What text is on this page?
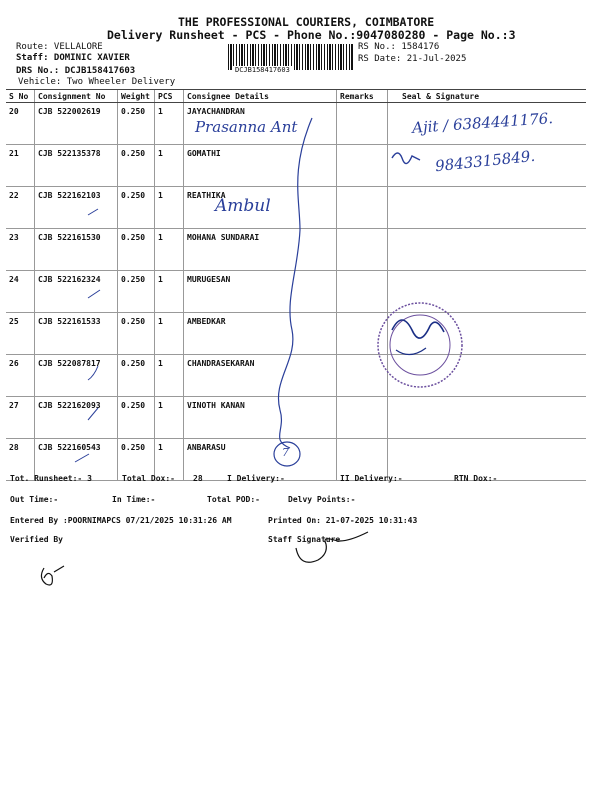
THE PROFESSIONAL COURIERS, COIMBATORE
Delivery Runsheet - PCS - Phone No.:9047080280 - Page No.:3
Route: VELLALORE
Staff: DOMINIC XAVIER
DRS No.: DCJB158417603
Vehicle: Two Wheeler Delivery
RS No.: 1584176
RS Date: 21-Jul-2025
DCJB158417603
S No	Consignment No	Weight	PCS	Consignee Details	Remarks	Seal & Signature
20	CJB 522002619	0.250	1	JAYACHANDRAN		
21	CJB 522135378	0.250	1	GOMATHI		
22	CJB 522162103	0.250	1	REATHIKA		
23	CJB 522161530	0.250	1	MOHANA SUNDARAI		
24	CJB 522162324	0.250	1	MURUGESAN		
25	CJB 522161533	0.250	1	AMBEDKAR		
26	CJB 522087817	0.250	1	CHANDRASEKARAN		
27	CJB 522162093	0.250	1	VINOTH KANAN		
28	CJB 522160543	0.250	1	ANBARASU		
Prasanna Ant	Ajit / 6384441176.
9843315849.
Ambul
7
Tot. Runsheet:- 3	Total Dox:- 28	I Delivery:-	II Delivery:-	RTN Dox:-
Out Time:-	In Time:-	Total POD:-	Delvy Points:-
Entered By :POORNIMAPCS 07/21/2025 10:31:26 AM	Printed On: 21-07-2025 10:31:43
Verified By	Staff Signature
